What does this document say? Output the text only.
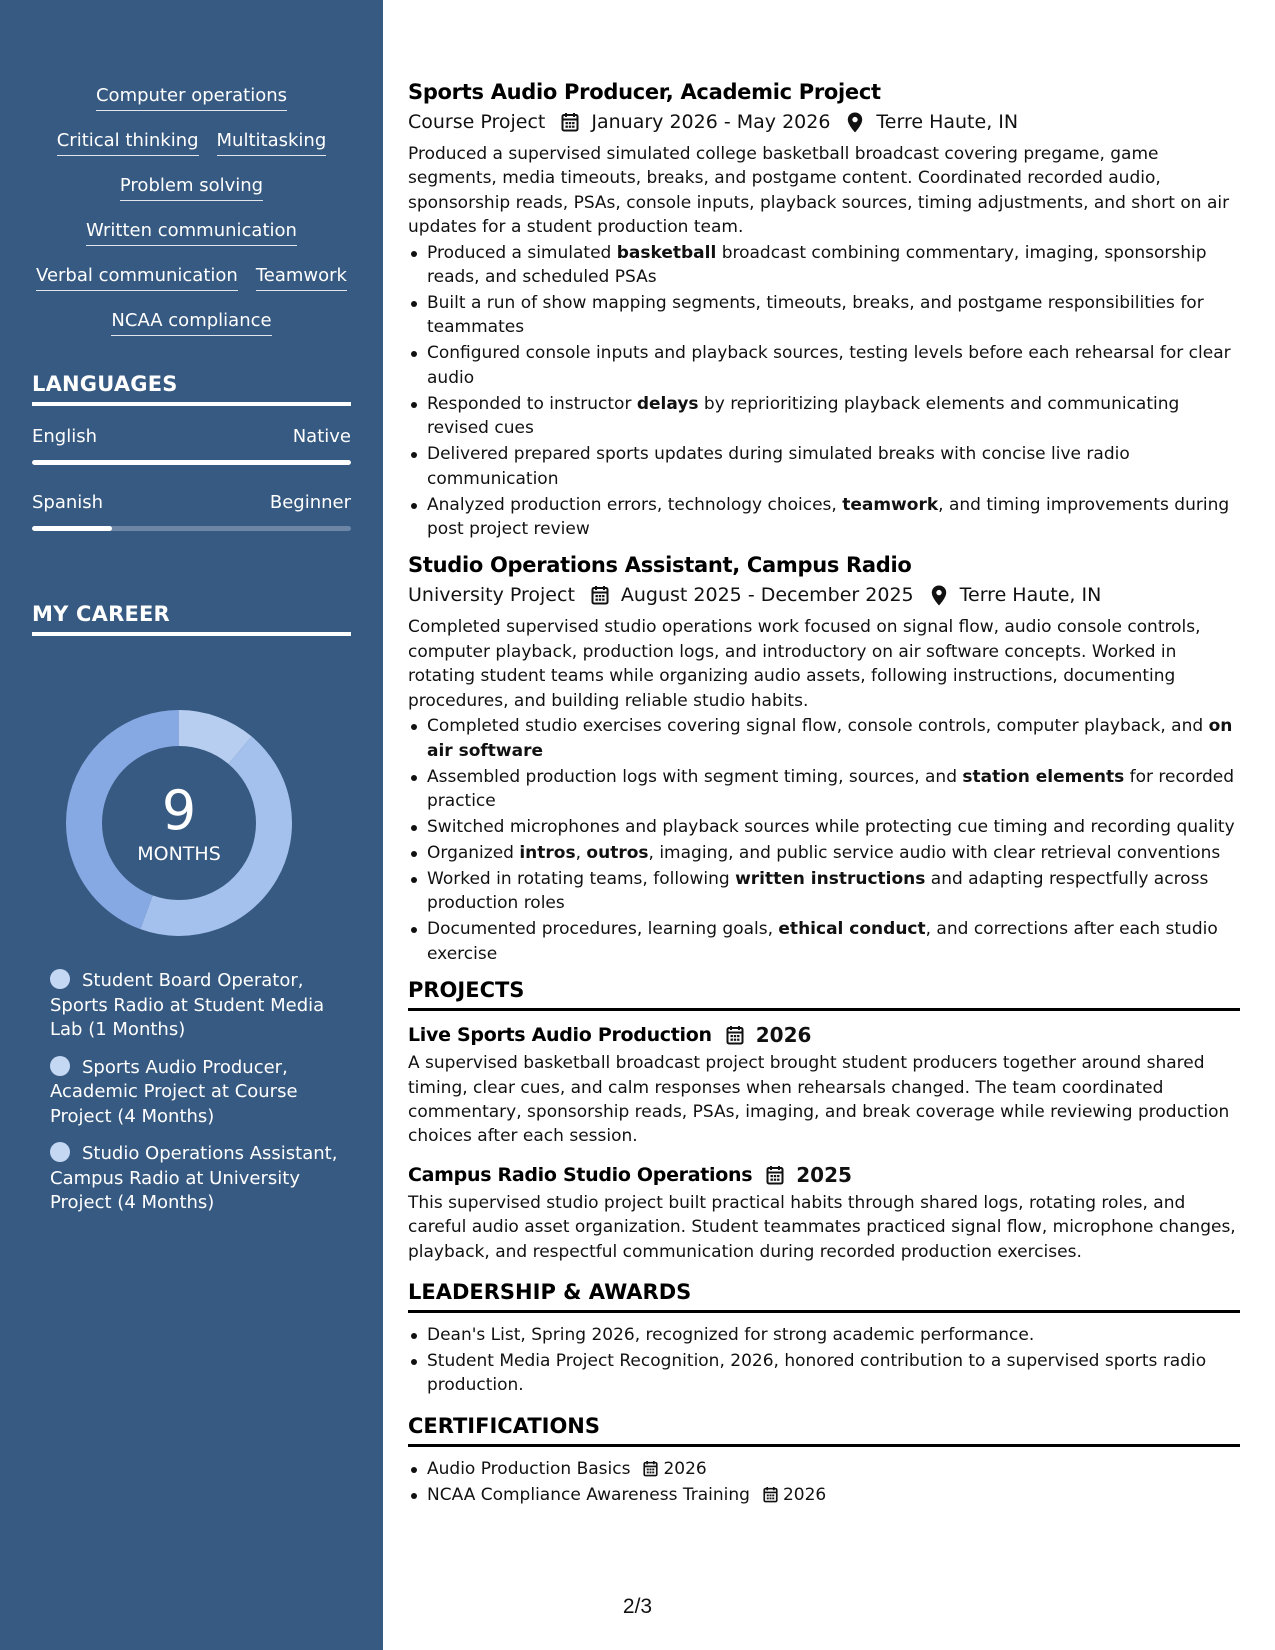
Computer operations
Critical thinking Multitasking
Problem solving
Written communication
Verbal communication Teamwork
NCAA compliance
LANGUAGES
English	Native
Spanish	Beginner
MY CAREER
9
MONTHS
Student Board Operator, Sports Radio at Student Media Lab (1 Months)
Sports Audio Producer, Academic Project at Course Project (4 Months)
Studio Operations Assistant, Campus Radio at University Project (4 Months)
Sports Audio Producer, Academic Project
Course Project January 2026 - May 2026 Terre Haute, IN
Produced a supervised simulated college basketball broadcast covering pregame, game segments, media timeouts, breaks, and postgame content. Coordinated recorded audio, sponsorship reads, PSAs, console inputs, playback sources, timing adjustments, and short on air updates for a student production team.
Produced a simulated basketball broadcast combining commentary, imaging, sponsorship reads, and scheduled PSAs
Built a run of show mapping segments, timeouts, breaks, and postgame responsibilities for teammates
Configured console inputs and playback sources, testing levels before each rehearsal for clear audio
Responded to instructor delays by reprioritizing playback elements and communicating revised cues
Delivered prepared sports updates during simulated breaks with concise live radio communication
Analyzed production errors, technology choices, teamwork, and timing improvements during post project review
Studio Operations Assistant, Campus Radio
University Project August 2025 - December 2025 Terre Haute, IN
Completed supervised studio operations work focused on signal flow, audio console controls, computer playback, production logs, and introductory on air software concepts. Worked in rotating student teams while organizing audio assets, following instructions, documenting procedures, and building reliable studio habits.
Completed studio exercises covering signal flow, console controls, computer playback, and on air software
Assembled production logs with segment timing, sources, and station elements for recorded practice
Switched microphones and playback sources while protecting cue timing and recording quality
Organized intros, outros, imaging, and public service audio with clear retrieval conventions
Worked in rotating teams, following written instructions and adapting respectfully across production roles
Documented procedures, learning goals, ethical conduct, and corrections after each studio exercise
PROJECTS
Live Sports Audio Production 2026
A supervised basketball broadcast project brought student producers together around shared timing, clear cues, and calm responses when rehearsals changed. The team coordinated commentary, sponsorship reads, PSAs, imaging, and break coverage while reviewing production choices after each session.
Campus Radio Studio Operations 2025
This supervised studio project built practical habits through shared logs, rotating roles, and careful audio asset organization. Student teammates practiced signal flow, microphone changes, playback, and respectful communication during recorded production exercises.
LEADERSHIP & AWARDS
Dean's List, Spring 2026, recognized for strong academic performance.
Student Media Project Recognition, 2026, honored contribution to a supervised sports radio production.
CERTIFICATIONS
Audio Production Basics 2026
NCAA Compliance Awareness Training 2026
2/3
